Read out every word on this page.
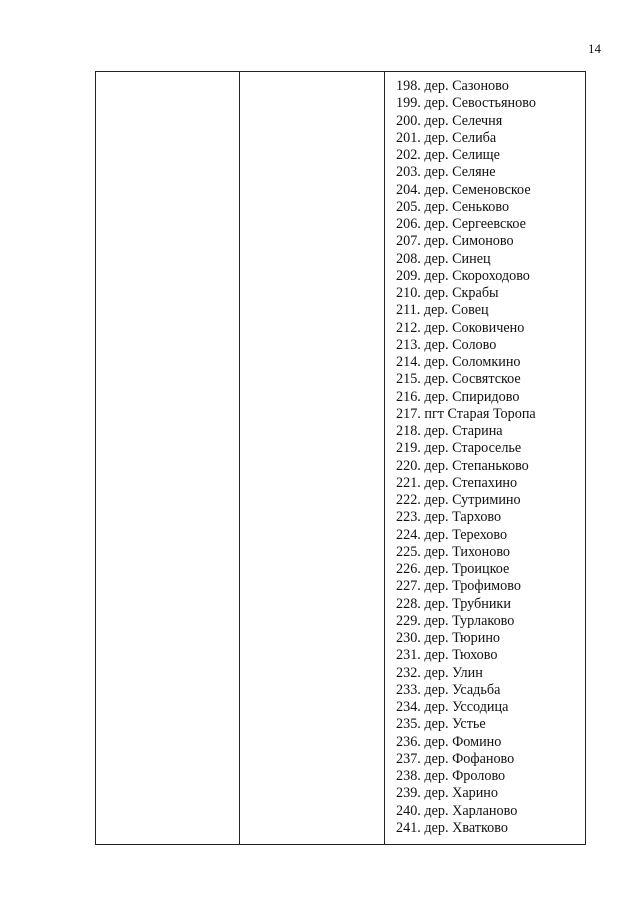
14
198. дер. Сазоново
199. дер. Севостьяново
200. дер. Селечня
201. дер. Селиба
202. дер. Селище
203. дер. Селяне
204. дер. Семеновское
205. дер. Сеньково
206. дер. Сергеевское
207. дер. Симоново
208. дер. Синец
209. дер. Скороходово
210. дер. Скрабы
211. дер. Совец
212. дер. Соковичено
213. дер. Солово
214. дер. Соломкино
215. дер. Сосвятское
216. дер. Спиридово
217. пгт Старая Торопа
218. дер. Старина
219. дер. Староселье
220. дер. Степаньково
221. дер. Степахино
222. дер. Сутримино
223. дер. Тархово
224. дер. Терехово
225. дер. Тихоново
226. дер. Троицкое
227. дер. Трофимово
228. дер. Трубники
229. дер. Турлаково
230. дер. Тюрино
231. дер. Тюхово
232. дер. Улин
233. дер. Усадьба
234. дер. Уссодица
235. дер. Устье
236. дер. Фомино
237. дер. Фофаново
238. дер. Фролово
239. дер. Харино
240. дер. Харланово
241. дер. Хватково
